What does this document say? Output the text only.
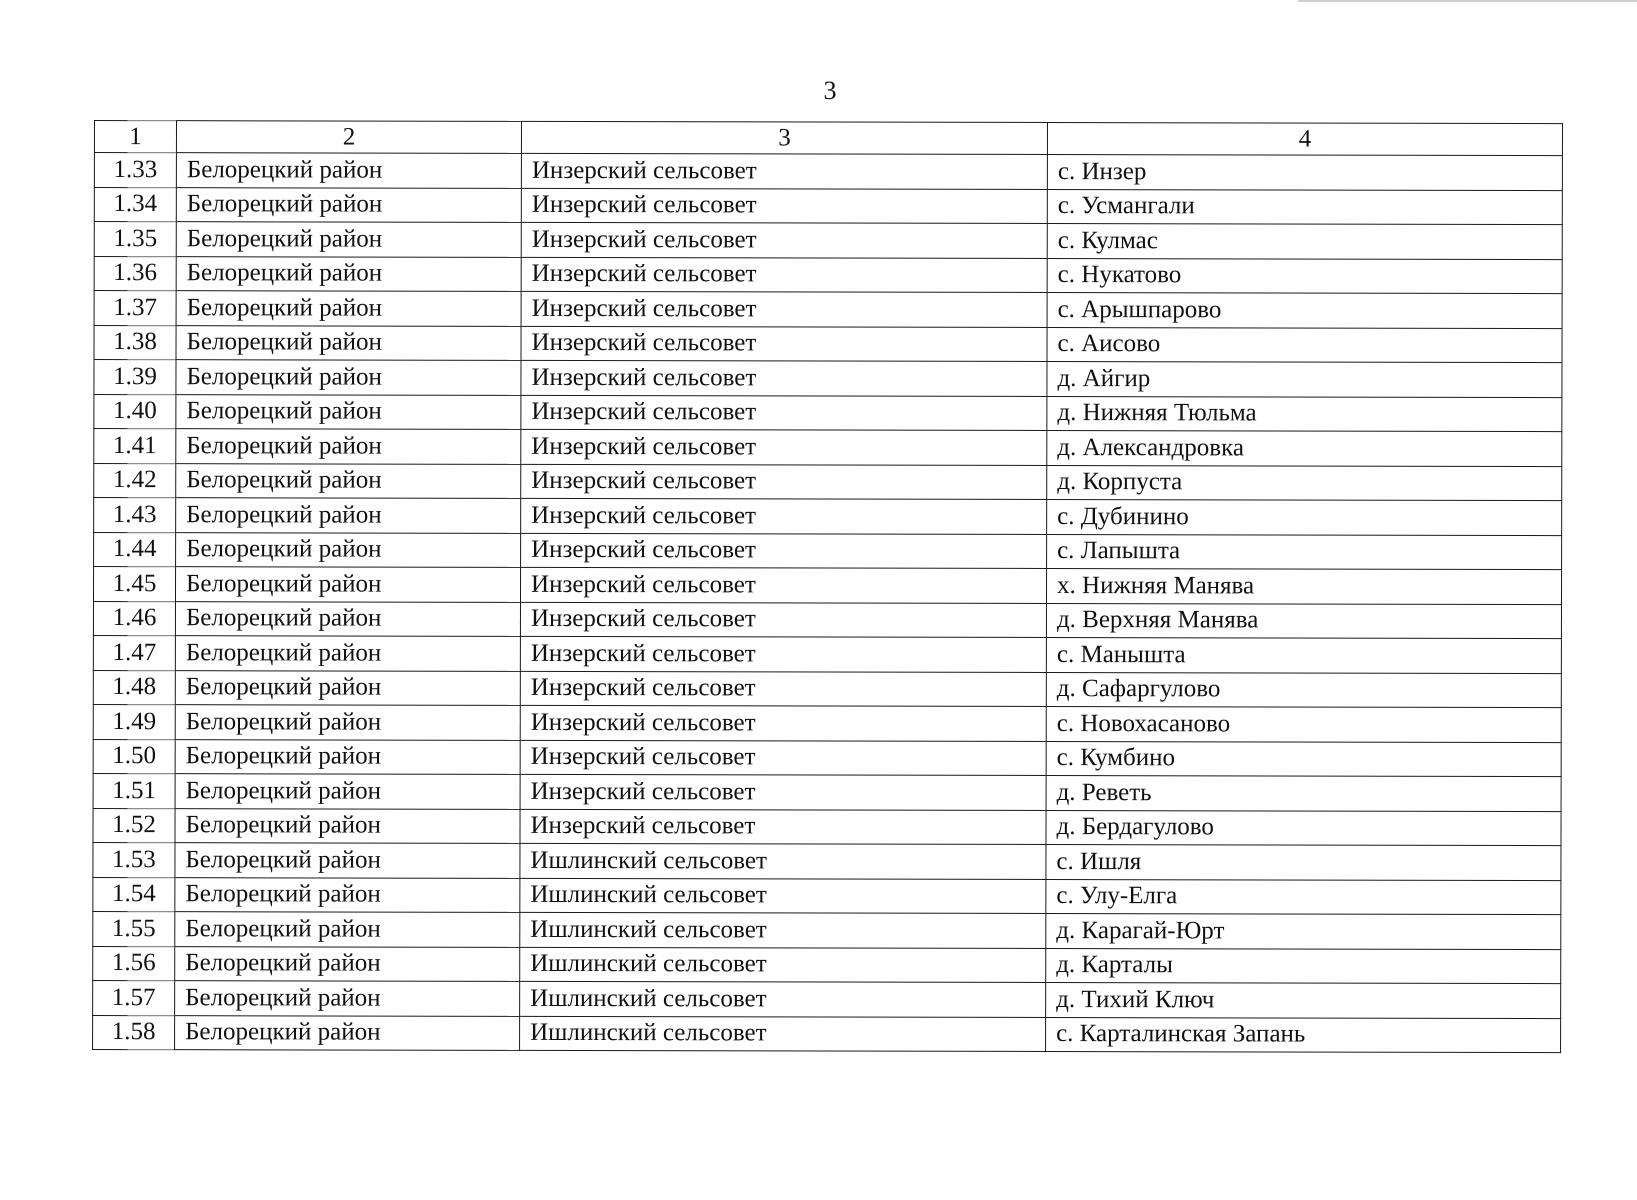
3
1	2	3	4
1.33	Белорецкий район	Инзерский сельсовет	с. Инзер
1.34	Белорецкий район	Инзерский сельсовет	с. Усмангали
1.35	Белорецкий район	Инзерский сельсовет	с. Кулмас
1.36	Белорецкий район	Инзерский сельсовет	с. Нукатово
1.37	Белорецкий район	Инзерский сельсовет	с. Арышпарово
1.38	Белорецкий район	Инзерский сельсовет	с. Аисово
1.39	Белорецкий район	Инзерский сельсовет	д. Айгир
1.40	Белорецкий район	Инзерский сельсовет	д. Нижняя Тюльма
1.41	Белорецкий район	Инзерский сельсовет	д. Александровка
1.42	Белорецкий район	Инзерский сельсовет	д. Корпуста
1.43	Белорецкий район	Инзерский сельсовет	с. Дубинино
1.44	Белорецкий район	Инзерский сельсовет	с. Лапышта
1.45	Белорецкий район	Инзерский сельсовет	х. Нижняя Манява
1.46	Белорецкий район	Инзерский сельсовет	д. Верхняя Манява
1.47	Белорецкий район	Инзерский сельсовет	с. Манышта
1.48	Белорецкий район	Инзерский сельсовет	д. Сафаргулово
1.49	Белорецкий район	Инзерский сельсовет	с. Новохасаново
1.50	Белорецкий район	Инзерский сельсовет	с. Кумбино
1.51	Белорецкий район	Инзерский сельсовет	д. Реветь
1.52	Белорецкий район	Инзерский сельсовет	д. Бердагулово
1.53	Белорецкий район	Ишлинский сельсовет	с. Ишля
1.54	Белорецкий район	Ишлинский сельсовет	с. Улу-Елга
1.55	Белорецкий район	Ишлинский сельсовет	д. Карагай-Юрт
1.56	Белорецкий район	Ишлинский сельсовет	д. Карталы
1.57	Белорецкий район	Ишлинский сельсовет	д. Тихий Ключ
1.58	Белорецкий район	Ишлинский сельсовет	с. Карталинская Запань
